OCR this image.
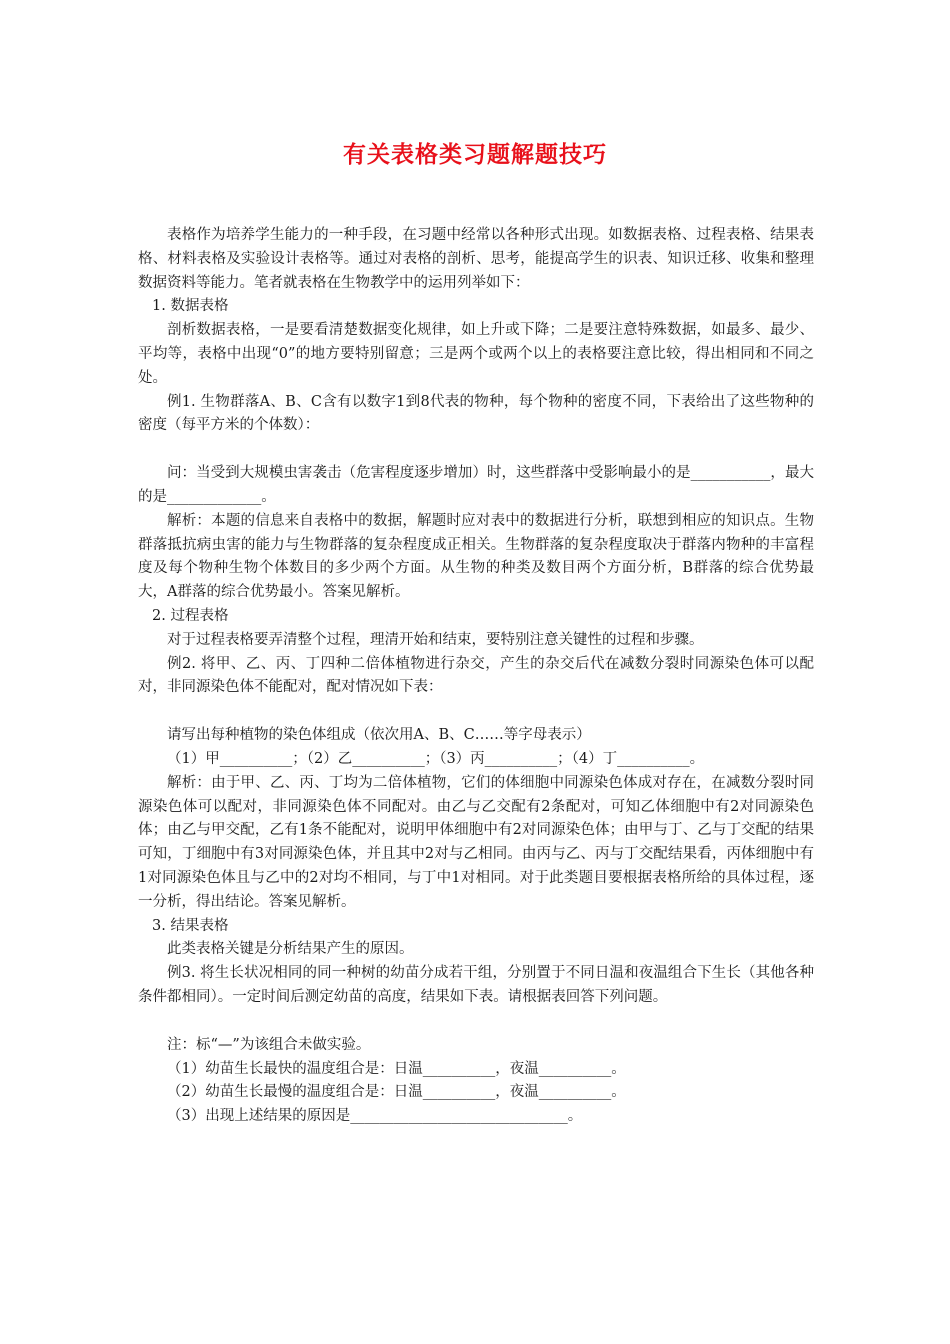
有关表格类习题解题技巧

表格作为培养学生能力的一种手段，在习题中经常以各种形式出现。如数据表格、过程表格、结果表格、材料表格及实验设计表格等。通过对表格的剖析、思考，能提高学生的识表、知识迁移、收集和整理数据资料等能力。笔者就表格在生物教学中的运用列举如下：

1. 数据表格

剖析数据表格，一是要看清楚数据变化规律，如上升或下降；二是要注意特殊数据，如最多、最少、平均等，表格中出现“0”的地方要特别留意；三是两个或两个以上的表格要注意比较，得出相同和不同之处。

例1. 生物群落A、B、C含有以数字1到8代表的物种，每个物种的密度不同，下表给出了这些物种的密度（每平方米的个体数）：

问：当受到大规模虫害袭击（危害程度逐步增加）时，这些群落中受影响最小的是___________，最大的是_____________。

解析：本题的信息来自表格中的数据，解题时应对表中的数据进行分析，联想到相应的知识点。生物群落抵抗病虫害的能力与生物群落的复杂程度成正相关。生物群落的复杂程度取决于群落内物种的丰富程度及每个物种生物个体数目的多少两个方面。从生物的种类及数目两个方面分析，B群落的综合优势最大，A群落的综合优势最小。答案见解析。

2. 过程表格

对于过程表格要弄清整个过程，理清开始和结束，要特别注意关键性的过程和步骤。

例2. 将甲、乙、丙、丁四种二倍体植物进行杂交，产生的杂交后代在减数分裂时同源染色体可以配对，非同源染色体不能配对，配对情况如下表：

请写出每种植物的染色体组成（依次用A、B、C……等字母表示）

（1）甲__________；（2）乙__________；（3）丙__________；（4）丁__________。

解析：由于甲、乙、丙、丁均为二倍体植物，它们的体细胞中同源染色体成对存在，在减数分裂时同源染色体可以配对，非同源染色体不同配对。由乙与乙交配有2条配对，可知乙体细胞中有2对同源染色体；由乙与甲交配，乙有1条不能配对，说明甲体细胞中有2对同源染色体；由甲与丁、乙与丁交配的结果可知，丁细胞中有3对同源染色体，并且其中2对与乙相同。由丙与乙、丙与丁交配结果看，丙体细胞中有1对同源染色体且与乙中的2对均不相同，与丁中1对相同。对于此类题目要根据表格所给的具体过程，逐一分析，得出结论。答案见解析。

3. 结果表格

此类表格关键是分析结果产生的原因。

例3. 将生长状况相同的同一种树的幼苗分成若干组，分别置于不同日温和夜温组合下生长（其他各种条件都相同）。一定时间后测定幼苗的高度，结果如下表。请根据表回答下列问题。

注：标“—”为该组合未做实验。

（1）幼苗生长最快的温度组合是：日温__________，夜温__________。

（2）幼苗生长最慢的温度组合是：日温__________，夜温__________。

（3）出现上述结果的原因是______________________________。
